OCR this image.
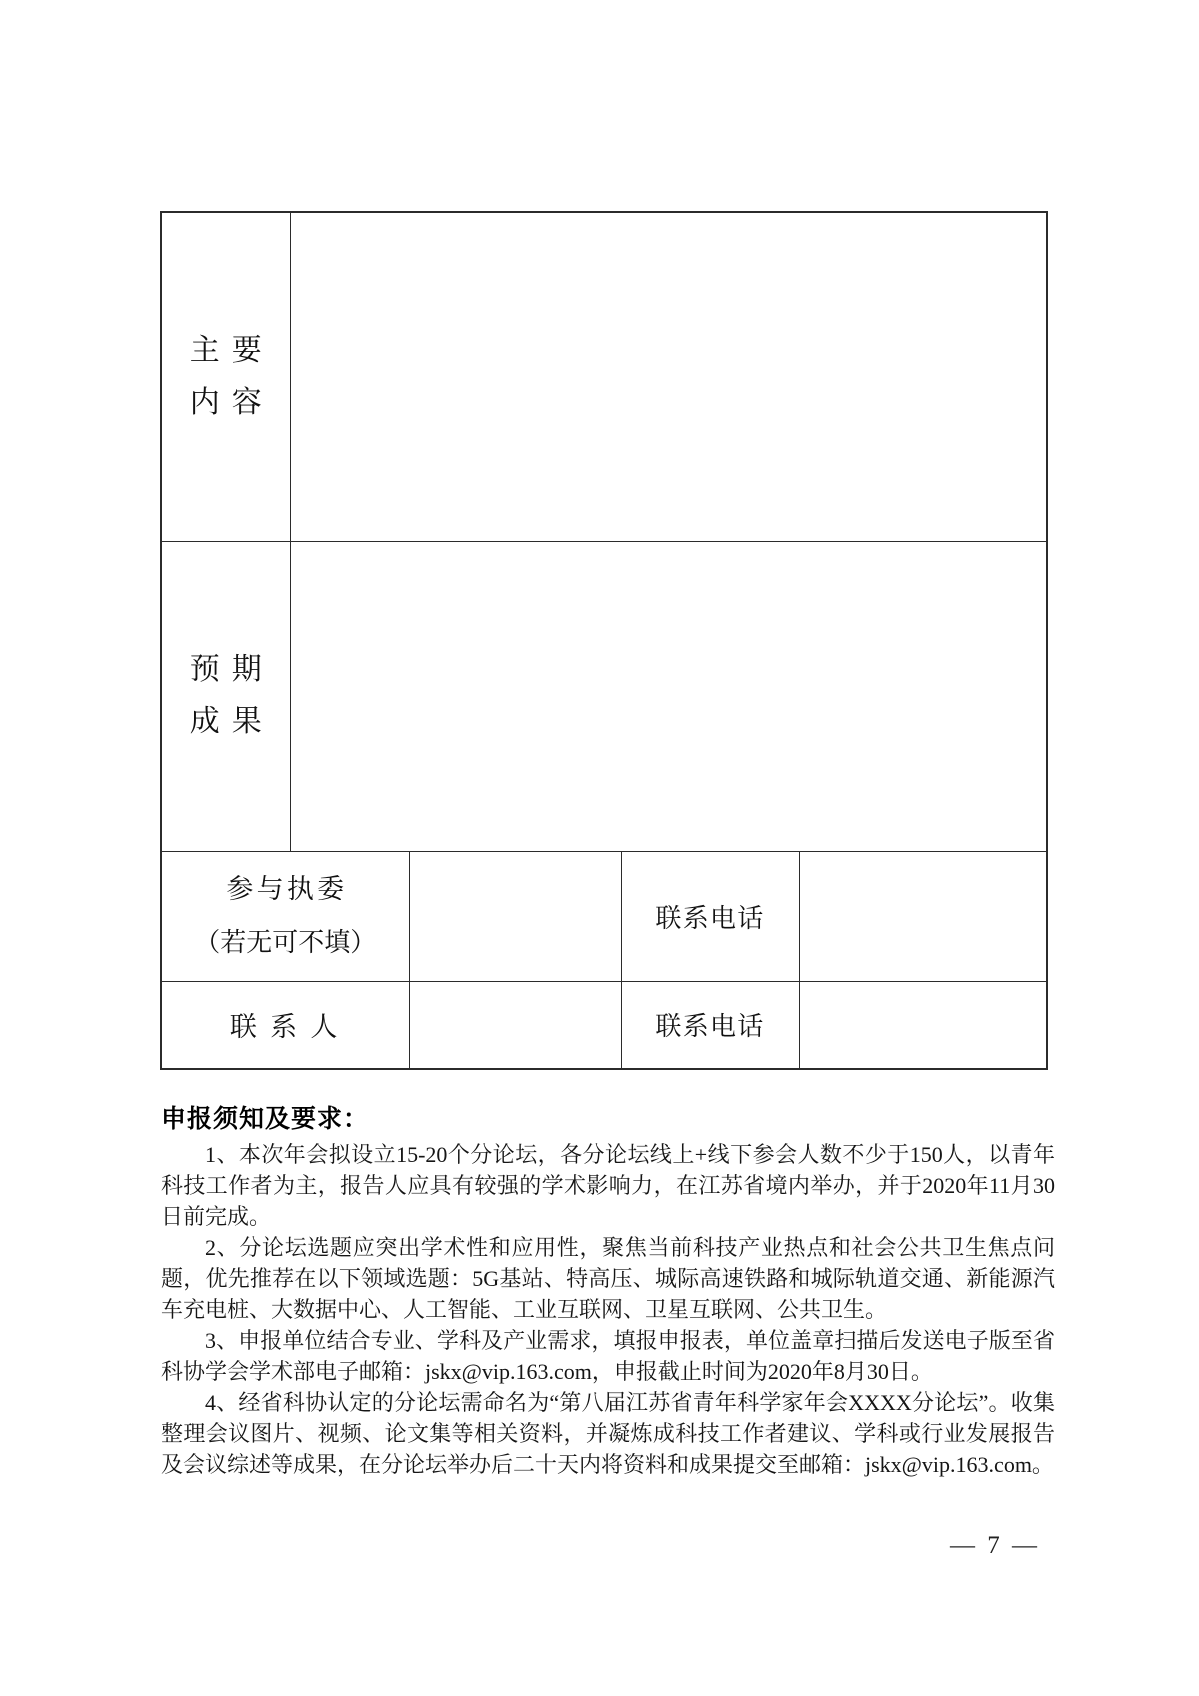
主要
内容				

预期
成果				

参与执委
（若无可不填）			联系电话	
联 系 人			联系电话	
申报须知及要求：

1、本次年会拟设立15-20个分论坛，各分论坛线上+线下参会人数不少于150人，以青年科技工作者为主，报告人应具有较强的学术影响力，在江苏省境内举办，并于2020年11月30日前完成。

2、分论坛选题应突出学术性和应用性，聚焦当前科技产业热点和社会公共卫生焦点问题，优先推荐在以下领域选题：5G基站、特高压、城际高速铁路和城际轨道交通、新能源汽车充电桩、大数据中心、人工智能、工业互联网、卫星互联网、公共卫生。

3、申报单位结合专业、学科及产业需求，填报申报表，单位盖章扫描后发送电子版至省科协学会学术部电子邮箱：jskx@vip.163.com，申报截止时间为2020年8月30日。

4、经省科协认定的分论坛需命名为“第八届江苏省青年科学家年会XXXX分论坛”。收集整理会议图片、视频、论文集等相关资料，并凝炼成科技工作者建议、学科或行业发展报告及会议综述等成果，在分论坛举办后二十天内将资料和成果提交至邮箱：jskx@vip.163.com。

— 7 —
